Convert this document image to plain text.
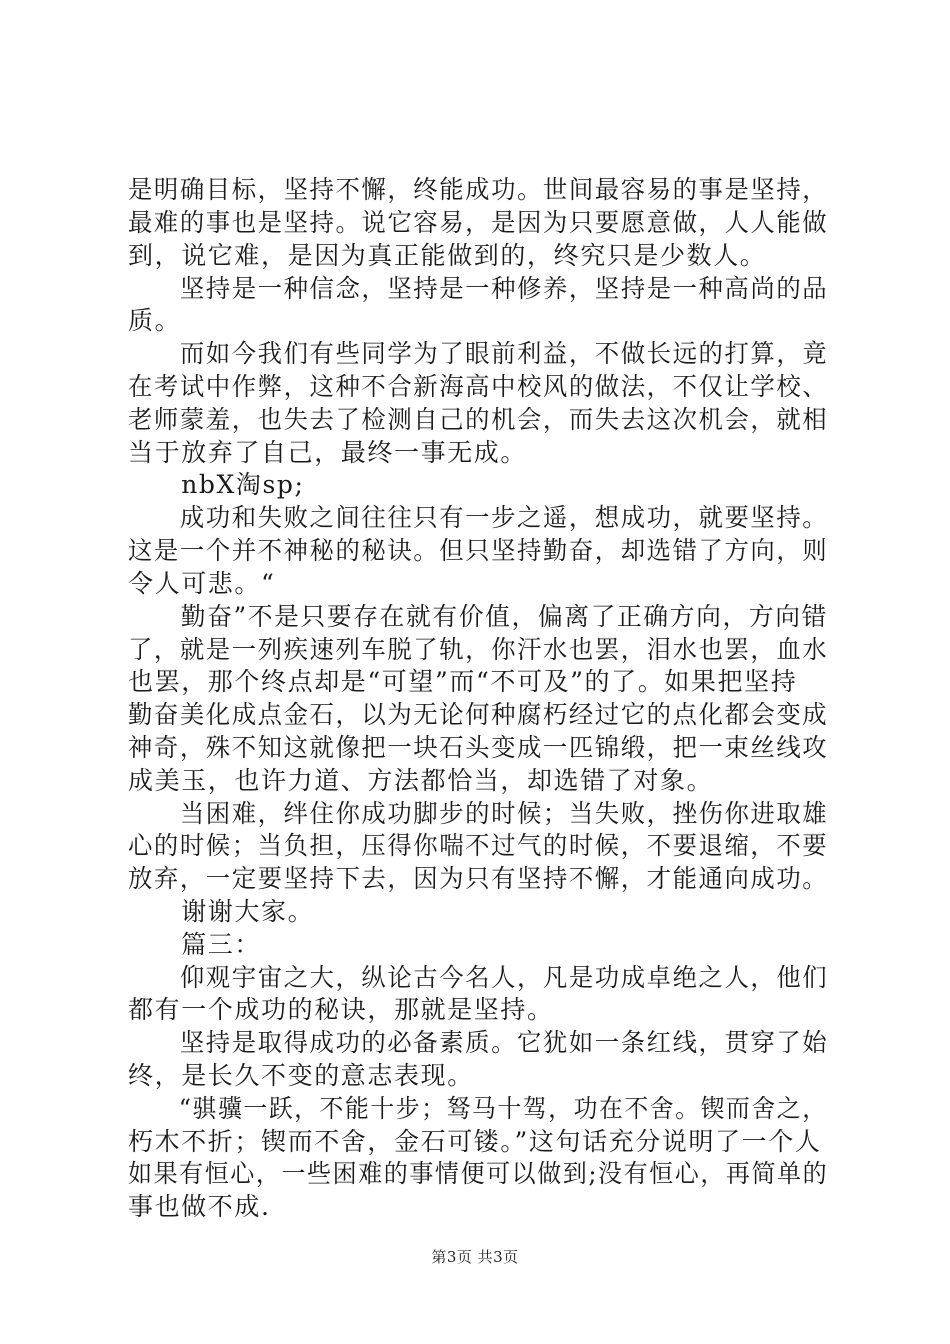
是明确目标，坚持不懈，终能成功。世间最容易的事是坚持，
最难的事也是坚持。说它容易，是因为只要愿意做，人人能做
到，说它难，是因为真正能做到的，终究只是少数人。
　　坚持是一种信念，坚持是一种修养，坚持是一种高尚的品
质。
　　而如今我们有些同学为了眼前利益，不做长远的打算，竟
在考试中作弊，这种不合新海高中校风的做法，不仅让学校、
老师蒙羞，也失去了检测自己的机会，而失去这次机会，就相
当于放弃了自己，最终一事无成。
　　nbX淘sp;
　　成功和失败之间往往只有一步之遥，想成功，就要坚持。
这是一个并不神秘的秘诀。但只坚持勤奋，却选错了方向，则
令人可悲。“
　　勤奋”不是只要存在就有价值，偏离了正确方向，方向错
了，就是一列疾速列车脱了轨，你汗水也罢，泪水也罢，血水
也罢，那个终点却是“可望”而“不可及”的了。如果把坚持
勤奋美化成点金石，以为无论何种腐朽经过它的点化都会变成
神奇，殊不知这就像把一块石头变成一匹锦缎，把一束丝线攻
成美玉，也许力道、方法都恰当，却选错了对象。
　　当困难，绊住你成功脚步的时候；当失败，挫伤你进取雄
心的时候；当负担，压得你喘不过气的时候，不要退缩，不要
放弃，一定要坚持下去，因为只有坚持不懈，才能通向成功。
　　谢谢大家。
　　篇三：
　　仰观宇宙之大，纵论古今名人，凡是功成卓绝之人，他们
都有一个成功的秘诀，那就是坚持。
　　坚持是取得成功的必备素质。它犹如一条红线，贯穿了始
终，是长久不变的意志表现。
　　“骐骥一跃，不能十步；驽马十驾，功在不舍。锲而舍之，
朽木不折；锲而不舍，金石可镂。”这句话充分说明了一个人
如果有恒心，一些困难的事情便可以做到;没有恒心，再简单的
事也做不成.
第3页 共3页
